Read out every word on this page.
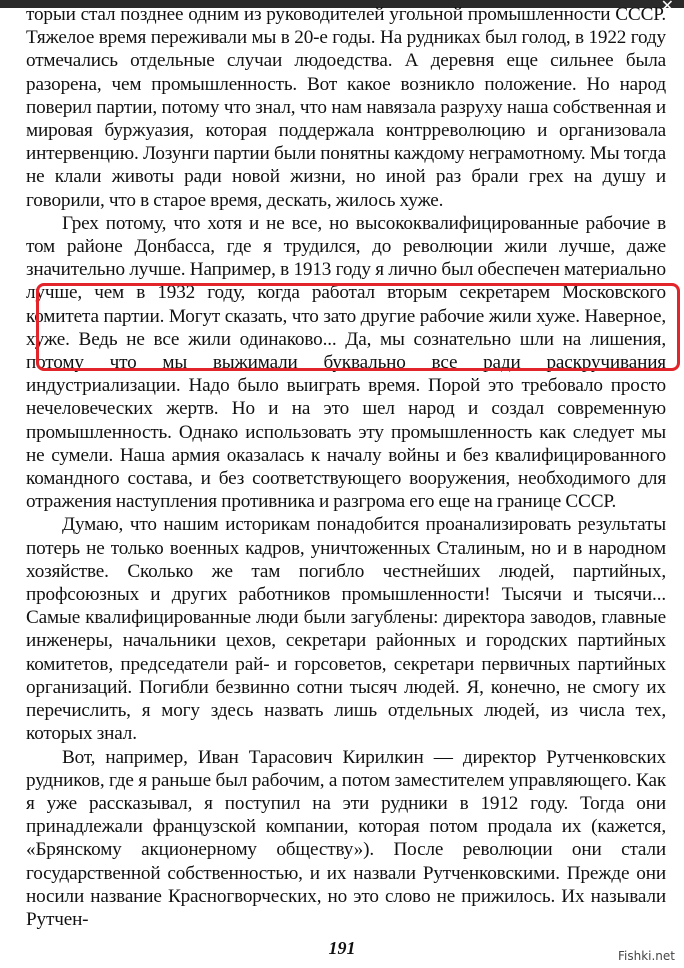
✕

торыи стал позднее одним из руководителей угольной промышленности СССР. Тяжелое время переживали мы в 20-е годы. На рудниках был голод, в 1922 году отмечались отдельные случаи людоедства. А деревня еще сильнее была разорена, чем промышленность. Вот какое возникло положение. Но народ поверил партии, потому что знал, что нам навязала разруху наша собственная и мировая буржуазия, которая поддержала контрреволюцию и организовала интервенцию. Лозунги партии были понятны каждому неграмотному. Мы тогда не клали животы ради новой жизни, но иной раз брали грех на душу и говорили, что в старое время, дескать, жилось хуже.

Грех потому, что хотя и не все, но высококвалифицированные рабочие в том районе Донбасса, где я трудился, до революции жили лучше, даже значительно лучше. Например, в 1913 году я лично был обеспечен материально лучше, чем в 1932 году, когда работал вторым секретарем Московского комитета партии. Могут сказать, что зато другие рабочие жили хуже. Наверное, хуже. Ведь не все жили одинаково... Да, мы сознательно шли на лишения, потому что мы выжимали буквально все ради раскручивания индустриализации. Надо было выиграть время. Порой это требовало просто нечеловеческих жертв. Но и на это шел народ и создал современную промышленность. Однако использовать эту промышленность как следует мы не сумели. Наша армия оказалась к началу войны и без квалифицированного командного состава, и без соответствующего вооружения, необходимого для отражения наступления противника и разгрома его еще на границе СССР.

Думаю, что нашим историкам понадобится проанализировать результаты потерь не только военных кадров, уничтоженных Сталиным, но и в народном хозяйстве. Сколько же там погибло честнейших людей, партийных, профсоюзных и других работников промышленности! Тысячи и тысячи... Самые квалифицированные люди были загублены: директора заводов, главные инженеры, начальники цехов, секретари районных и городских партийных комитетов, председатели рай- и горсоветов, секретари первичных партийных организаций. Погибли безвинно сотни тысяч людей. Я, конечно, не смогу их перечислить, я могу здесь назвать лишь отдельных людей, из числа тех, которых знал.

Вот, например, Иван Тарасович Кирилкин — директор Рутченковских рудников, где я раньше был рабочим, а потом заместителем управляющего. Как я уже рассказывал, я поступил на эти рудники в 1912 году. Тогда они принадлежали французской компании, которая потом продала их (кажется, «Брянскому акционерному обществу»). После революции они стали государственной собственностью, и их назвали Рутченковскими. Прежде они носили название Красногворческих, но это слово не прижилось. Их называли Рутчен-

191	Fishki.net
